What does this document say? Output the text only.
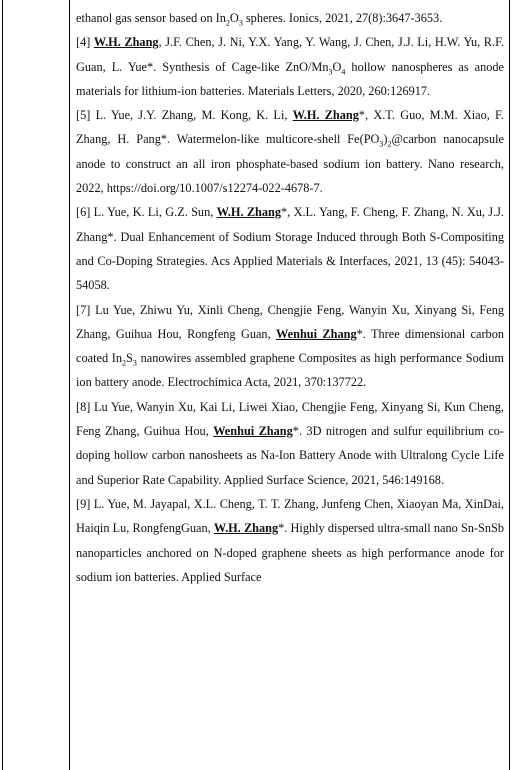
ethanol gas sensor based on $In_2O_3$ spheres. Ionics, 2021, 27(8):3647-3653.

[4] W.H. Zhang, J.F. Chen, J. Ni, Y.X. Yang, Y. Wang, J. Chen, J.J. Li, H.W. Yu, R.F. Guan, L. Yue*. Synthesis of Cage-like ZnO/$Mn_3O_4$ hollow nanospheres as anode materials for lithium-ion batteries. Materials Letters, 2020, 260:126917.

[5] L. Yue, J.Y. Zhang, M. Kong, K. Li, W.H. Zhang*, X.T. Guo, M.M. Xiao, F. Zhang, H. Pang*. Watermelon-like multicore-shell $Fe(PO_3)_2@carbon$ nanocapsule anode to construct an all iron phosphate-based sodium ion battery. Nano research, 2022, https://doi.org/10.1007/s12274-022-4678-7.

[6] L. Yue, K. Li, G.Z. Sun, W.H. Zhang*, X.L. Yang, F. Cheng, F. Zhang, N. Xu, J.J. Zhang*. Dual Enhancement of Sodium Storage Induced through Both S-Compositing and Co-Doping Strategies. Acs Applied Materials & Interfaces, 2021, 13 (45): 54043-54058.

[7] Lu Yue, Zhiwu Yu, Xinli Cheng, Chengjie Feng, Wanyin Xu, Xinyang Si, Feng Zhang, Guihua Hou, Rongfeng Guan, Wenhui Zhang*. Three dimensional carbon coated $In_2S_3$ nanowires assembled graphene Composites as high performance Sodium ion battery anode. Electrochimica Acta, 2021, 370:137722.

[8] Lu Yue, Wanyin Xu, Kai Li, Liwei Xiao, Chengjie Feng, Xinyang Si, Kun Cheng, Feng Zhang, Guihua Hou, Wenhui Zhang*. 3D nitrogen and sulfur equilibrium co-doping hollow carbon nanosheets as Na-Ion Battery Anode with Ultralong Cycle Life and Superior Rate Capability. Applied Surface Science, 2021, 546:149168.

[9] L. Yue, M. Jayapal, X.L. Cheng, T. T. Zhang, Junfeng Chen, Xiaoyan Ma, XinDai, Haiqin Lu, RongfengGuan, W.H. Zhang*. Highly dispersed ultra-small nano Sn-SnSb nanoparticles anchored on N-doped graphene sheets as high performance anode for sodium ion batteries. Applied Surface
